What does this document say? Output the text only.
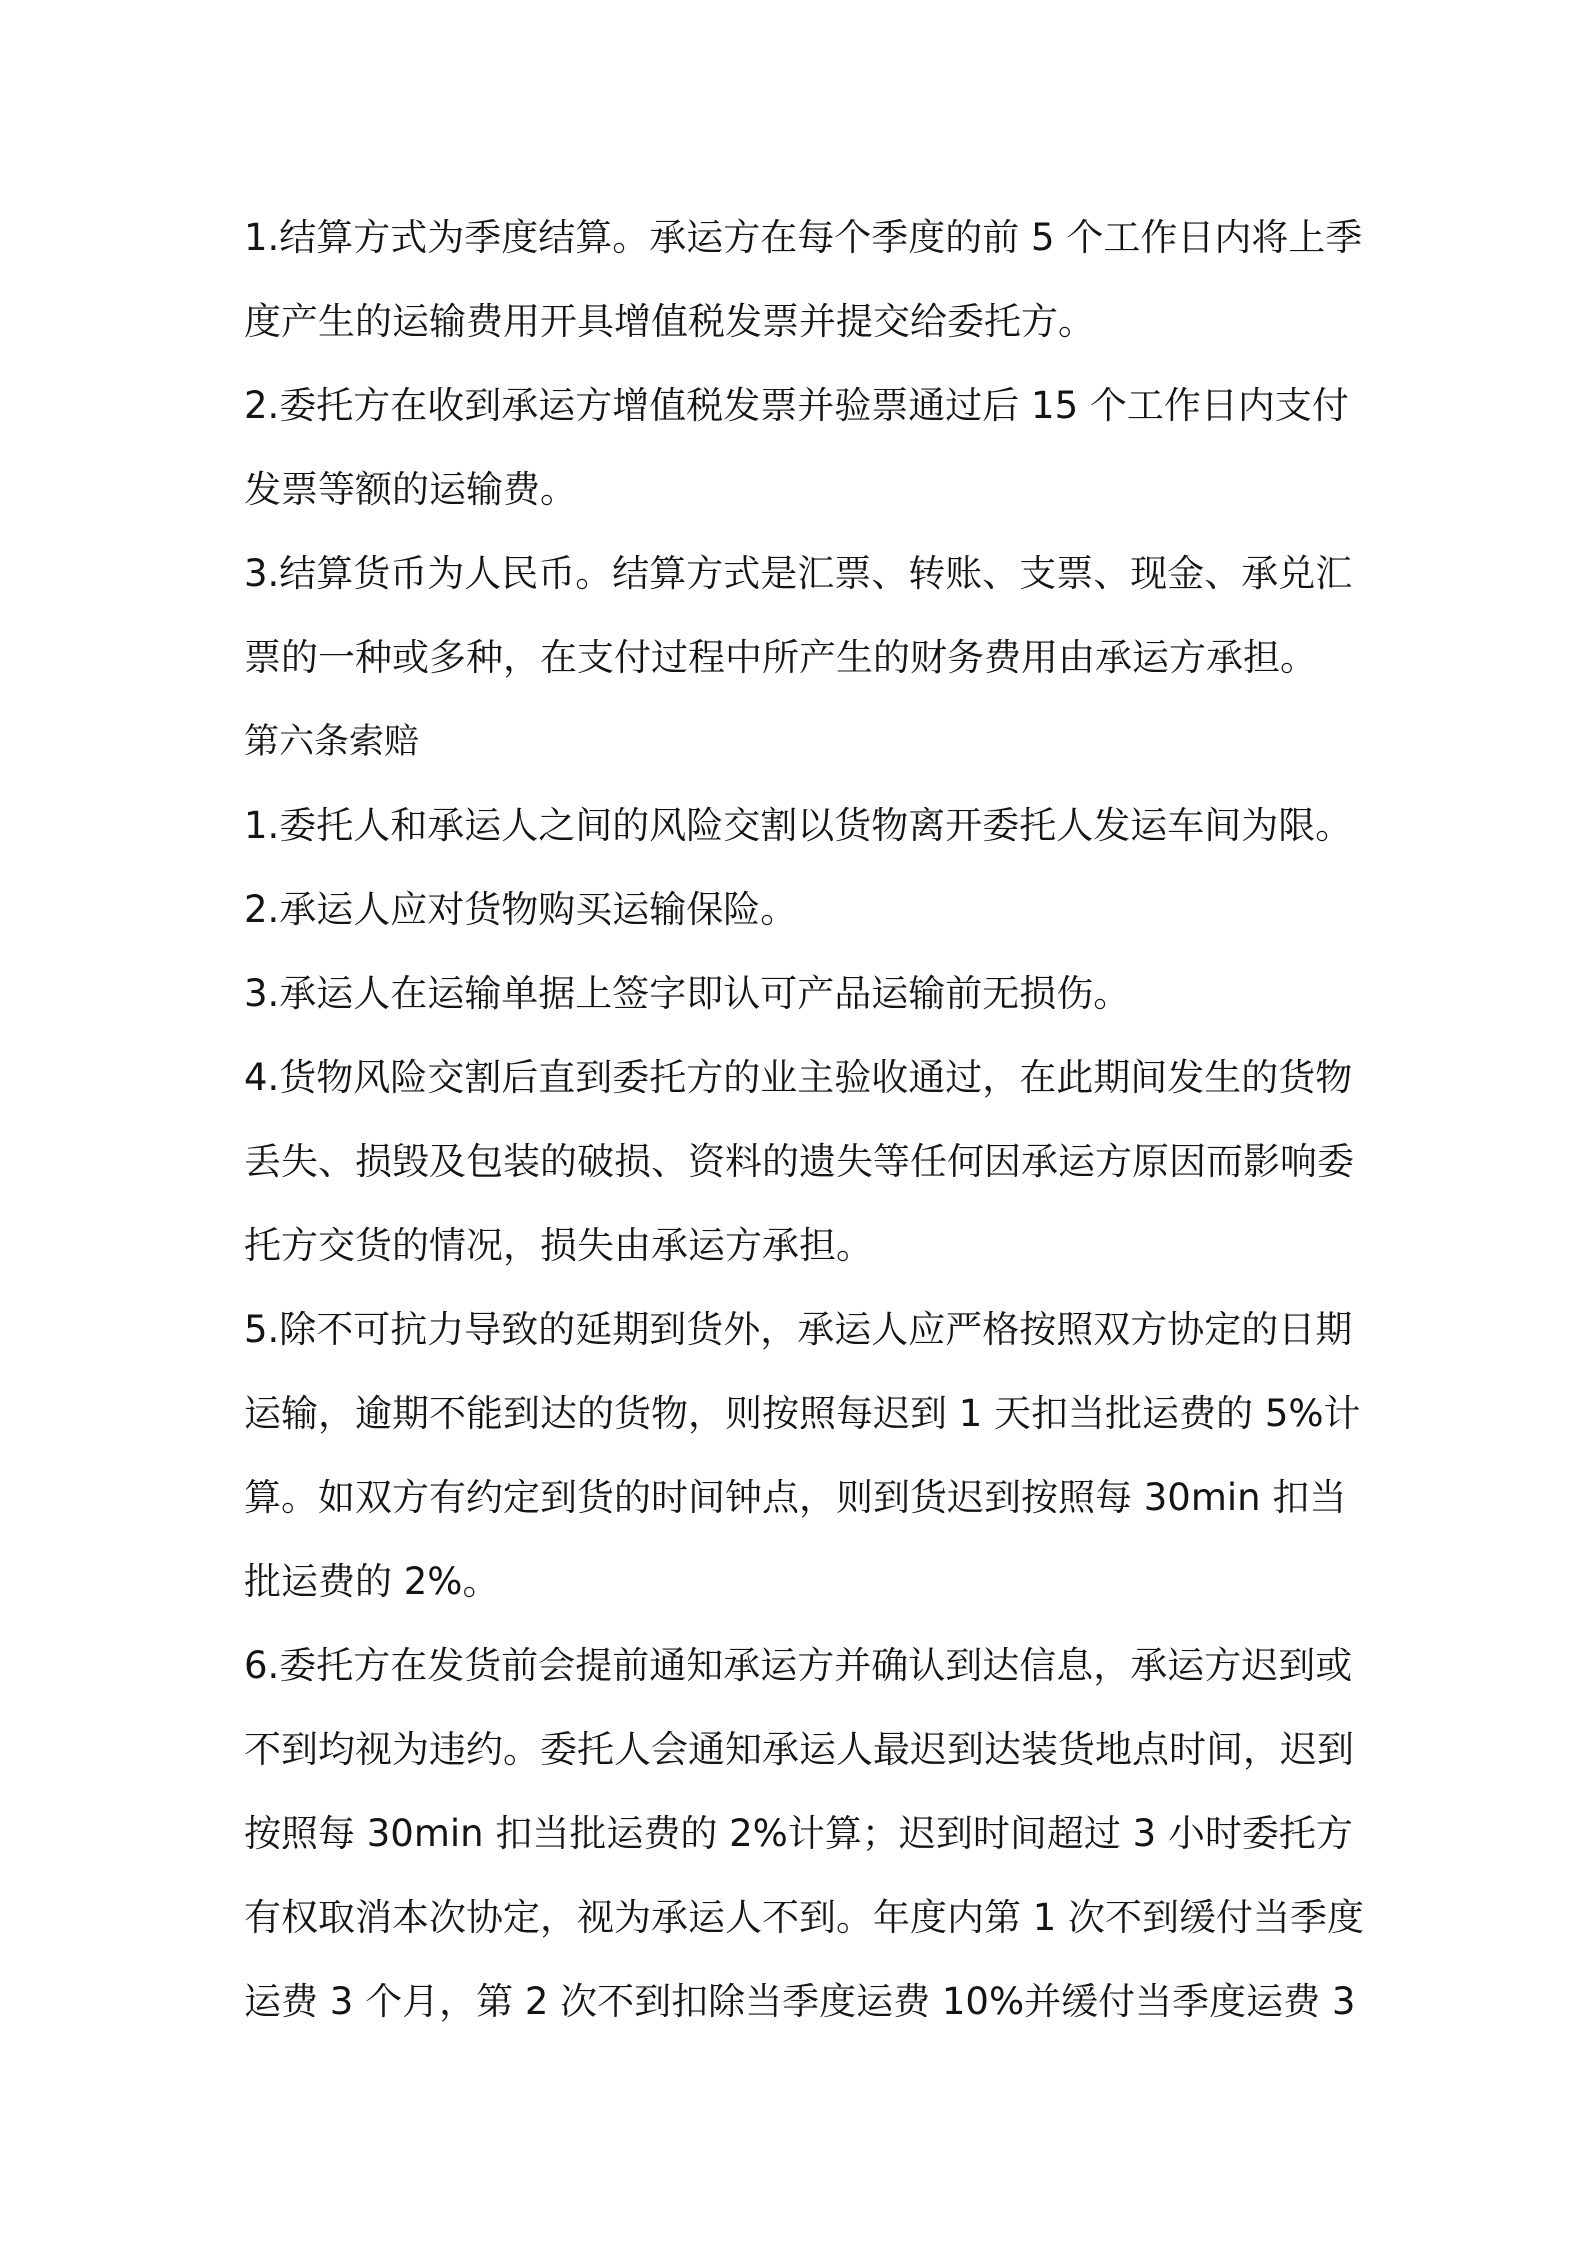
1.结算方式为季度结算。承运方在每个季度的前 5 个工作日内将上季
度产生的运输费用开具增值税发票并提交给委托方。
2.委托方在收到承运方增值税发票并验票通过后 15 个工作日内支付
发票等额的运输费。
3.结算货币为人民币。结算方式是汇票、转账、支票、现金、承兑汇
票的一种或多种，在支付过程中所产生的财务费用由承运方承担。
第六条索赔
1.委托人和承运人之间的风险交割以货物离开委托人发运车间为限。
2.承运人应对货物购买运输保险。
3.承运人在运输单据上签字即认可产品运输前无损伤。
4.货物风险交割后直到委托方的业主验收通过，在此期间发生的货物
丢失、损毁及包装的破损、资料的遗失等任何因承运方原因而影响委
托方交货的情况，损失由承运方承担。
5.除不可抗力导致的延期到货外，承运人应严格按照双方协定的日期
运输，逾期不能到达的货物，则按照每迟到 1 天扣当批运费的 5%计
算。如双方有约定到货的时间钟点，则到货迟到按照每 30min 扣当
批运费的 2%。
6.委托方在发货前会提前通知承运方并确认到达信息，承运方迟到或
不到均视为违约。委托人会通知承运人最迟到达装货地点时间，迟到
按照每 30min 扣当批运费的 2%计算；迟到时间超过 3 小时委托方
有权取消本次协定，视为承运人不到。年度内第 1 次不到缓付当季度
运费 3 个月，第 2 次不到扣除当季度运费 10%并缓付当季度运费 3
